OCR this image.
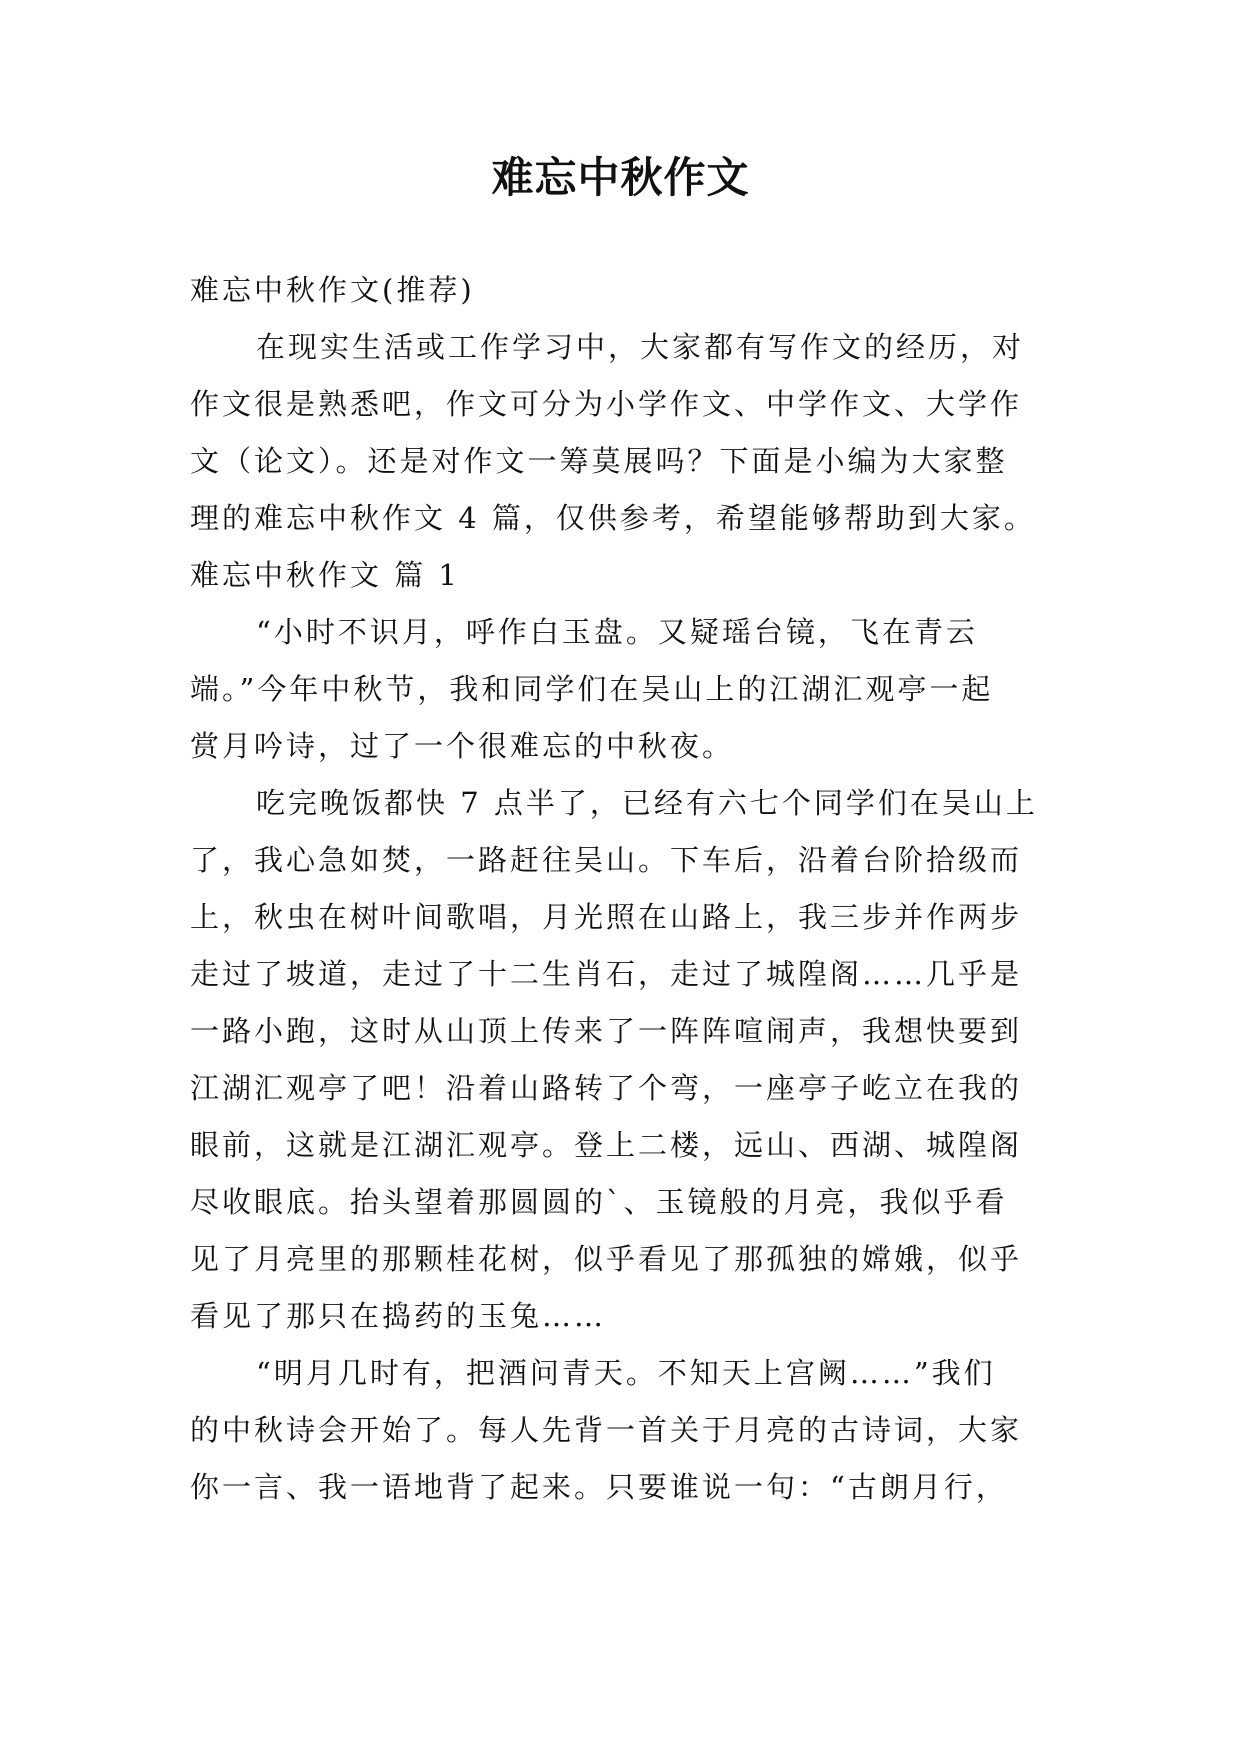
难忘中秋作文
难忘中秋作文(推荐)
在现实生活或工作学习中，大家都有写作文的经历，对
作文很是熟悉吧，作文可分为小学作文、中学作文、大学作
文（论文）。还是对作文一筹莫展吗？下面是小编为大家整
理的难忘中秋作文 4 篇，仅供参考，希望能够帮助到大家。
难忘中秋作文 篇 1
“小时不识月，呼作白玉盘。又疑瑶台镜，飞在青云
端。”今年中秋节，我和同学们在吴山上的江湖汇观亭一起
赏月吟诗，过了一个很难忘的中秋夜。
吃完晚饭都快 7 点半了，已经有六七个同学们在吴山上
了，我心急如焚，一路赶往吴山。下车后，沿着台阶拾级而
上，秋虫在树叶间歌唱，月光照在山路上，我三步并作两步
走过了坡道，走过了十二生肖石，走过了城隍阁……几乎是
一路小跑，这时从山顶上传来了一阵阵喧闹声，我想快要到
江湖汇观亭了吧！沿着山路转了个弯，一座亭子屹立在我的
眼前，这就是江湖汇观亭。登上二楼，远山、西湖、城隍阁
尽收眼底。抬头望着那圆圆的`、玉镜般的月亮，我似乎看
见了月亮里的那颗桂花树，似乎看见了那孤独的嫦娥，似乎
看见了那只在捣药的玉兔……
“明月几时有，把酒问青天。不知天上宫阙……”我们
的中秋诗会开始了。每人先背一首关于月亮的古诗词，大家
你一言、我一语地背了起来。只要谁说一句：“古朗月行，
